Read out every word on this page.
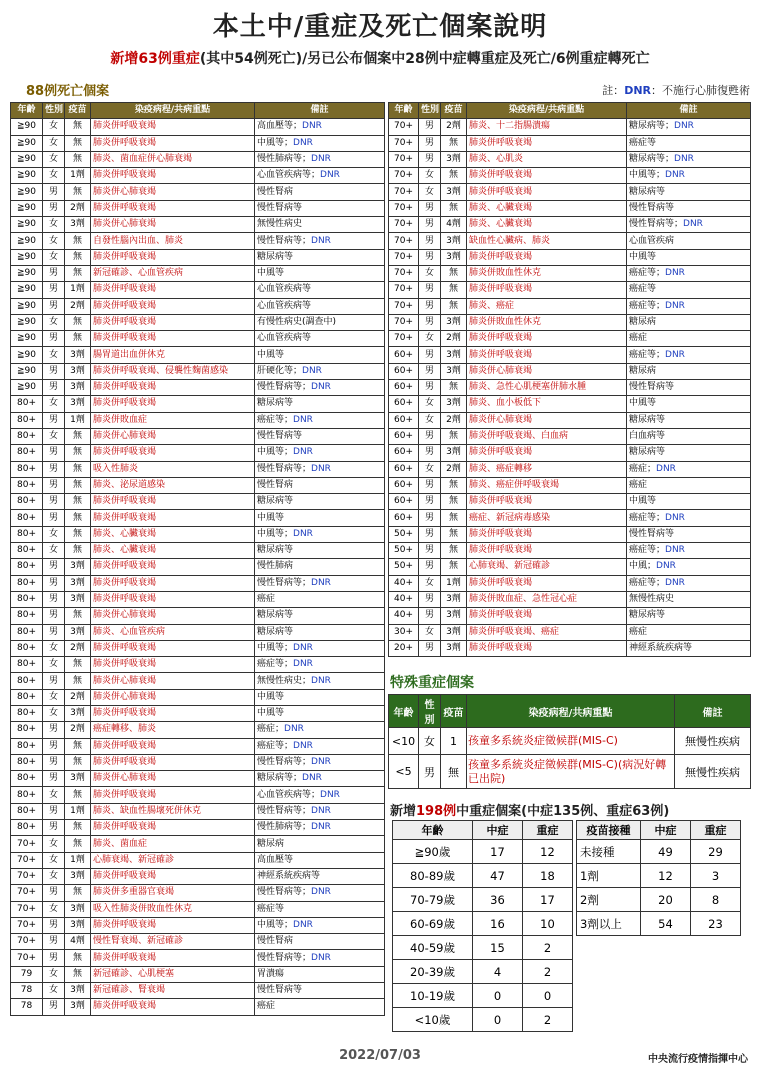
本土中/重症及死亡個案說明
新增63例重症(其中54例死亡)/另已公布個案中28例中症轉重症及死亡/6例重症轉死亡
88例死亡個案	註：DNR：不施行心肺復甦術
年齡	性別	疫苗	染疫病程/共病重點	備註
≧90	女	無	肺炎併呼吸衰竭	高血壓等；DNR
≧90	女	無	肺炎併呼吸衰竭	中風等；DNR
≧90	女	無	肺炎、菌血症併心肺衰竭	慢性肺病等；DNR
≧90	女	1劑	肺炎併呼吸衰竭	心血管疾病等；DNR
≧90	男	無	肺炎併心肺衰竭	慢性腎病
≧90	男	2劑	肺炎併呼吸衰竭	慢性腎病等
≧90	女	3劑	肺炎併心肺衰竭	無慢性病史
≧90	女	無	自發性腦內出血、肺炎	慢性腎病等；DNR
≧90	女	無	肺炎併呼吸衰竭	糖尿病等
≧90	男	無	新冠確診、心血管疾病	中風等
≧90	男	1劑	肺炎併呼吸衰竭	心血管疾病等
≧90	男	2劑	肺炎併呼吸衰竭	心血管疾病等
≧90	女	無	肺炎併呼吸衰竭	有慢性病史(調查中)
≧90	男	無	肺炎併呼吸衰竭	心血管疾病等
≧90	女	3劑	腸胃道出血併休克	中風等
≧90	男	3劑	肺炎併呼吸衰竭、侵襲性麴菌感染	肝硬化等；DNR
≧90	男	3劑	肺炎併呼吸衰竭	慢性腎病等；DNR
80+	女	3劑	肺炎併呼吸衰竭	糖尿病等
80+	男	1劑	肺炎併敗血症	癌症等；DNR
80+	女	無	肺炎併心肺衰竭	慢性腎病等
80+	男	無	肺炎併呼吸衰竭	中風等；DNR
80+	男	無	吸入性肺炎	慢性腎病等；DNR
80+	男	無	肺炎、泌尿道感染	慢性腎病
80+	男	無	肺炎併呼吸衰竭	糖尿病等
80+	男	無	肺炎併呼吸衰竭	中風等
80+	女	無	肺炎、心臟衰竭	中風等；DNR
80+	女	無	肺炎、心臟衰竭	糖尿病等
80+	男	3劑	肺炎併呼吸衰竭	慢性肺病
80+	男	3劑	肺炎併呼吸衰竭	慢性腎病等；DNR
80+	男	3劑	肺炎併呼吸衰竭	癌症
80+	男	無	肺炎併心肺衰竭	糖尿病等
80+	男	3劑	肺炎、心血管疾病	糖尿病等
80+	女	2劑	肺炎併呼吸衰竭	中風等；DNR
80+	女	無	肺炎併呼吸衰竭	癌症等；DNR
80+	男	無	肺炎併心肺衰竭	無慢性病史；DNR
80+	女	2劑	肺炎併心肺衰竭	中風等
80+	女	3劑	肺炎併呼吸衰竭	中風等
80+	男	2劑	癌症轉移、肺炎	癌症；DNR
80+	男	無	肺炎併呼吸衰竭	癌症等；DNR
80+	男	無	肺炎併呼吸衰竭	慢性腎病等；DNR
80+	男	3劑	肺炎併心肺衰竭	糖尿病等；DNR
80+	女	無	肺炎併呼吸衰竭	心血管疾病等；DNR
80+	男	1劑	肺炎、缺血性腸壞死併休克	慢性腎病等；DNR
80+	男	無	肺炎併呼吸衰竭	慢性肺病等；DNR
70+	女	無	肺炎、菌血症	糖尿病
70+	女	1劑	心肺衰竭、新冠確診	高血壓等
70+	女	3劑	肺炎併呼吸衰竭	神經系統疾病等
70+	男	無	肺炎併多重器官衰竭	慢性腎病等；DNR
70+	女	3劑	吸入性肺炎併敗血性休克	癌症等
70+	男	3劑	肺炎併呼吸衰竭	中風等；DNR
70+	男	4劑	慢性腎衰竭、新冠確診	慢性腎病
70+	男	無	肺炎併呼吸衰竭	慢性腎病等；DNR
79	女	無	新冠確診、心肌梗塞	胃潰瘍
78	女	3劑	新冠確診、腎衰竭	慢性腎病等
78	男	3劑	肺炎併呼吸衰竭	癌症
年齡	性別	疫苗	染疫病程/共病重點	備註
70+	男	2劑	肺炎、十二指腸潰瘍	糖尿病等；DNR
70+	男	無	肺炎併呼吸衰竭	癌症等
70+	男	3劑	肺炎、心肌炎	糖尿病等；DNR
70+	女	無	肺炎併呼吸衰竭	中風等；DNR
70+	女	3劑	肺炎併呼吸衰竭	糖尿病等
70+	男	無	肺炎、心臟衰竭	慢性腎病等
70+	男	4劑	肺炎、心臟衰竭	慢性腎病等；DNR
70+	男	3劑	缺血性心臟病、肺炎	心血管疾病
70+	男	3劑	肺炎併呼吸衰竭	中風等
70+	女	無	肺炎併敗血性休克	癌症等；DNR
70+	男	無	肺炎併呼吸衰竭	癌症等
70+	男	無	肺炎、癌症	癌症等；DNR
70+	男	3劑	肺炎併敗血性休克	糖尿病
70+	女	2劑	肺炎併呼吸衰竭	癌症
60+	男	3劑	肺炎併呼吸衰竭	癌症等；DNR
60+	男	3劑	肺炎併心肺衰竭	糖尿病
60+	男	無	肺炎、急性心肌梗塞併肺水腫	慢性腎病等
60+	女	3劑	肺炎、血小板低下	中風等
60+	女	2劑	肺炎併心肺衰竭	糖尿病等
60+	男	無	肺炎併呼吸衰竭、白血病	白血病等
60+	男	3劑	肺炎併呼吸衰竭	糖尿病等
60+	女	2劑	肺炎、癌症轉移	癌症；DNR
60+	男	無	肺炎、癌症併呼吸衰竭	癌症
60+	男	無	肺炎併呼吸衰竭	中風等
60+	男	無	癌症、新冠病毒感染	癌症等；DNR
50+	男	無	肺炎併呼吸衰竭	慢性腎病等
50+	男	無	肺炎併呼吸衰竭	癌症等；DNR
50+	男	無	心肺衰竭、新冠確診	中風；DNR
40+	女	1劑	肺炎併呼吸衰竭	癌症等；DNR
40+	男	3劑	肺炎併敗血症、急性冠心症	無慢性病史
40+	男	3劑	肺炎併呼吸衰竭	糖尿病等
30+	女	3劑	肺炎併呼吸衰竭、癌症	癌症
20+	男	3劑	肺炎併呼吸衰竭	神經系統疾病等
特殊重症個案
年齡	性別	疫苗	染疫病程/共病重點	備註
<10	女	1	孩童多系統炎症徵候群(MIS-C)	無慢性疾病
<5	男	無	孩童多系統炎症徵候群(MIS-C)(病況好轉已出院)	無慢性疾病
新增198例中重症個案(中症135例、重症63例)
年齡	中症	重症
≧90歲	17	12
80-89歲	47	18
70-79歲	36	17
60-69歲	16	10
40-59歲	15	2
20-39歲	4	2
10-19歲	0	0
<10歲	0	2
疫苗接種	中症	重症
未接種	49	29
1劑	12	3
2劑	20	8
3劑以上	54	23
2022/07/03	中央流行疫情指揮中心
